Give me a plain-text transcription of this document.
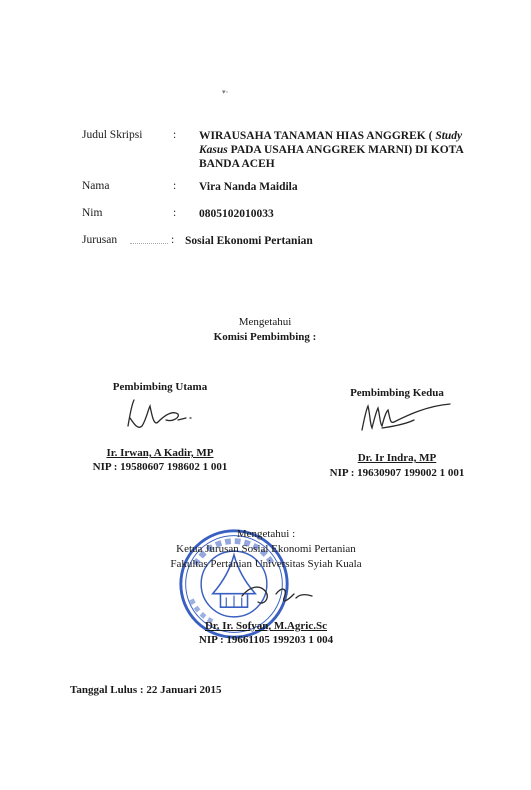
▾◦
Judul Skripsi	: WIRAUSAHA TANAMAN HIAS ANGGREK ( Study
Kasus PADA USAHA ANGGREK MARNI) DI KOTA
BANDA ACEH
Nama	: Vira Nanda Maidila
Nim	: 0805102010033
Jurusan	: Sosial Ekonomi Pertanian
Mengetahui
Komisi Pembimbing :
Pembimbing Utama
Ir. Irwan, A Kadir, MP
NIP : 19580607 198602 1 001
Pembimbing Kedua
Dr. Ir Indra, MP
NIP : 19630907 199002 1 001
Mengetahui :
Ketua Jurusan Sosial Ekonomi Pertanian
Fakultas Pertanian Universitas Syiah Kuala
Dr. Ir. Sofyan, M.Agric.Sc
NIP : 19661105 199203 1 004
Tanggal Lulus : 22 Januari 2015
